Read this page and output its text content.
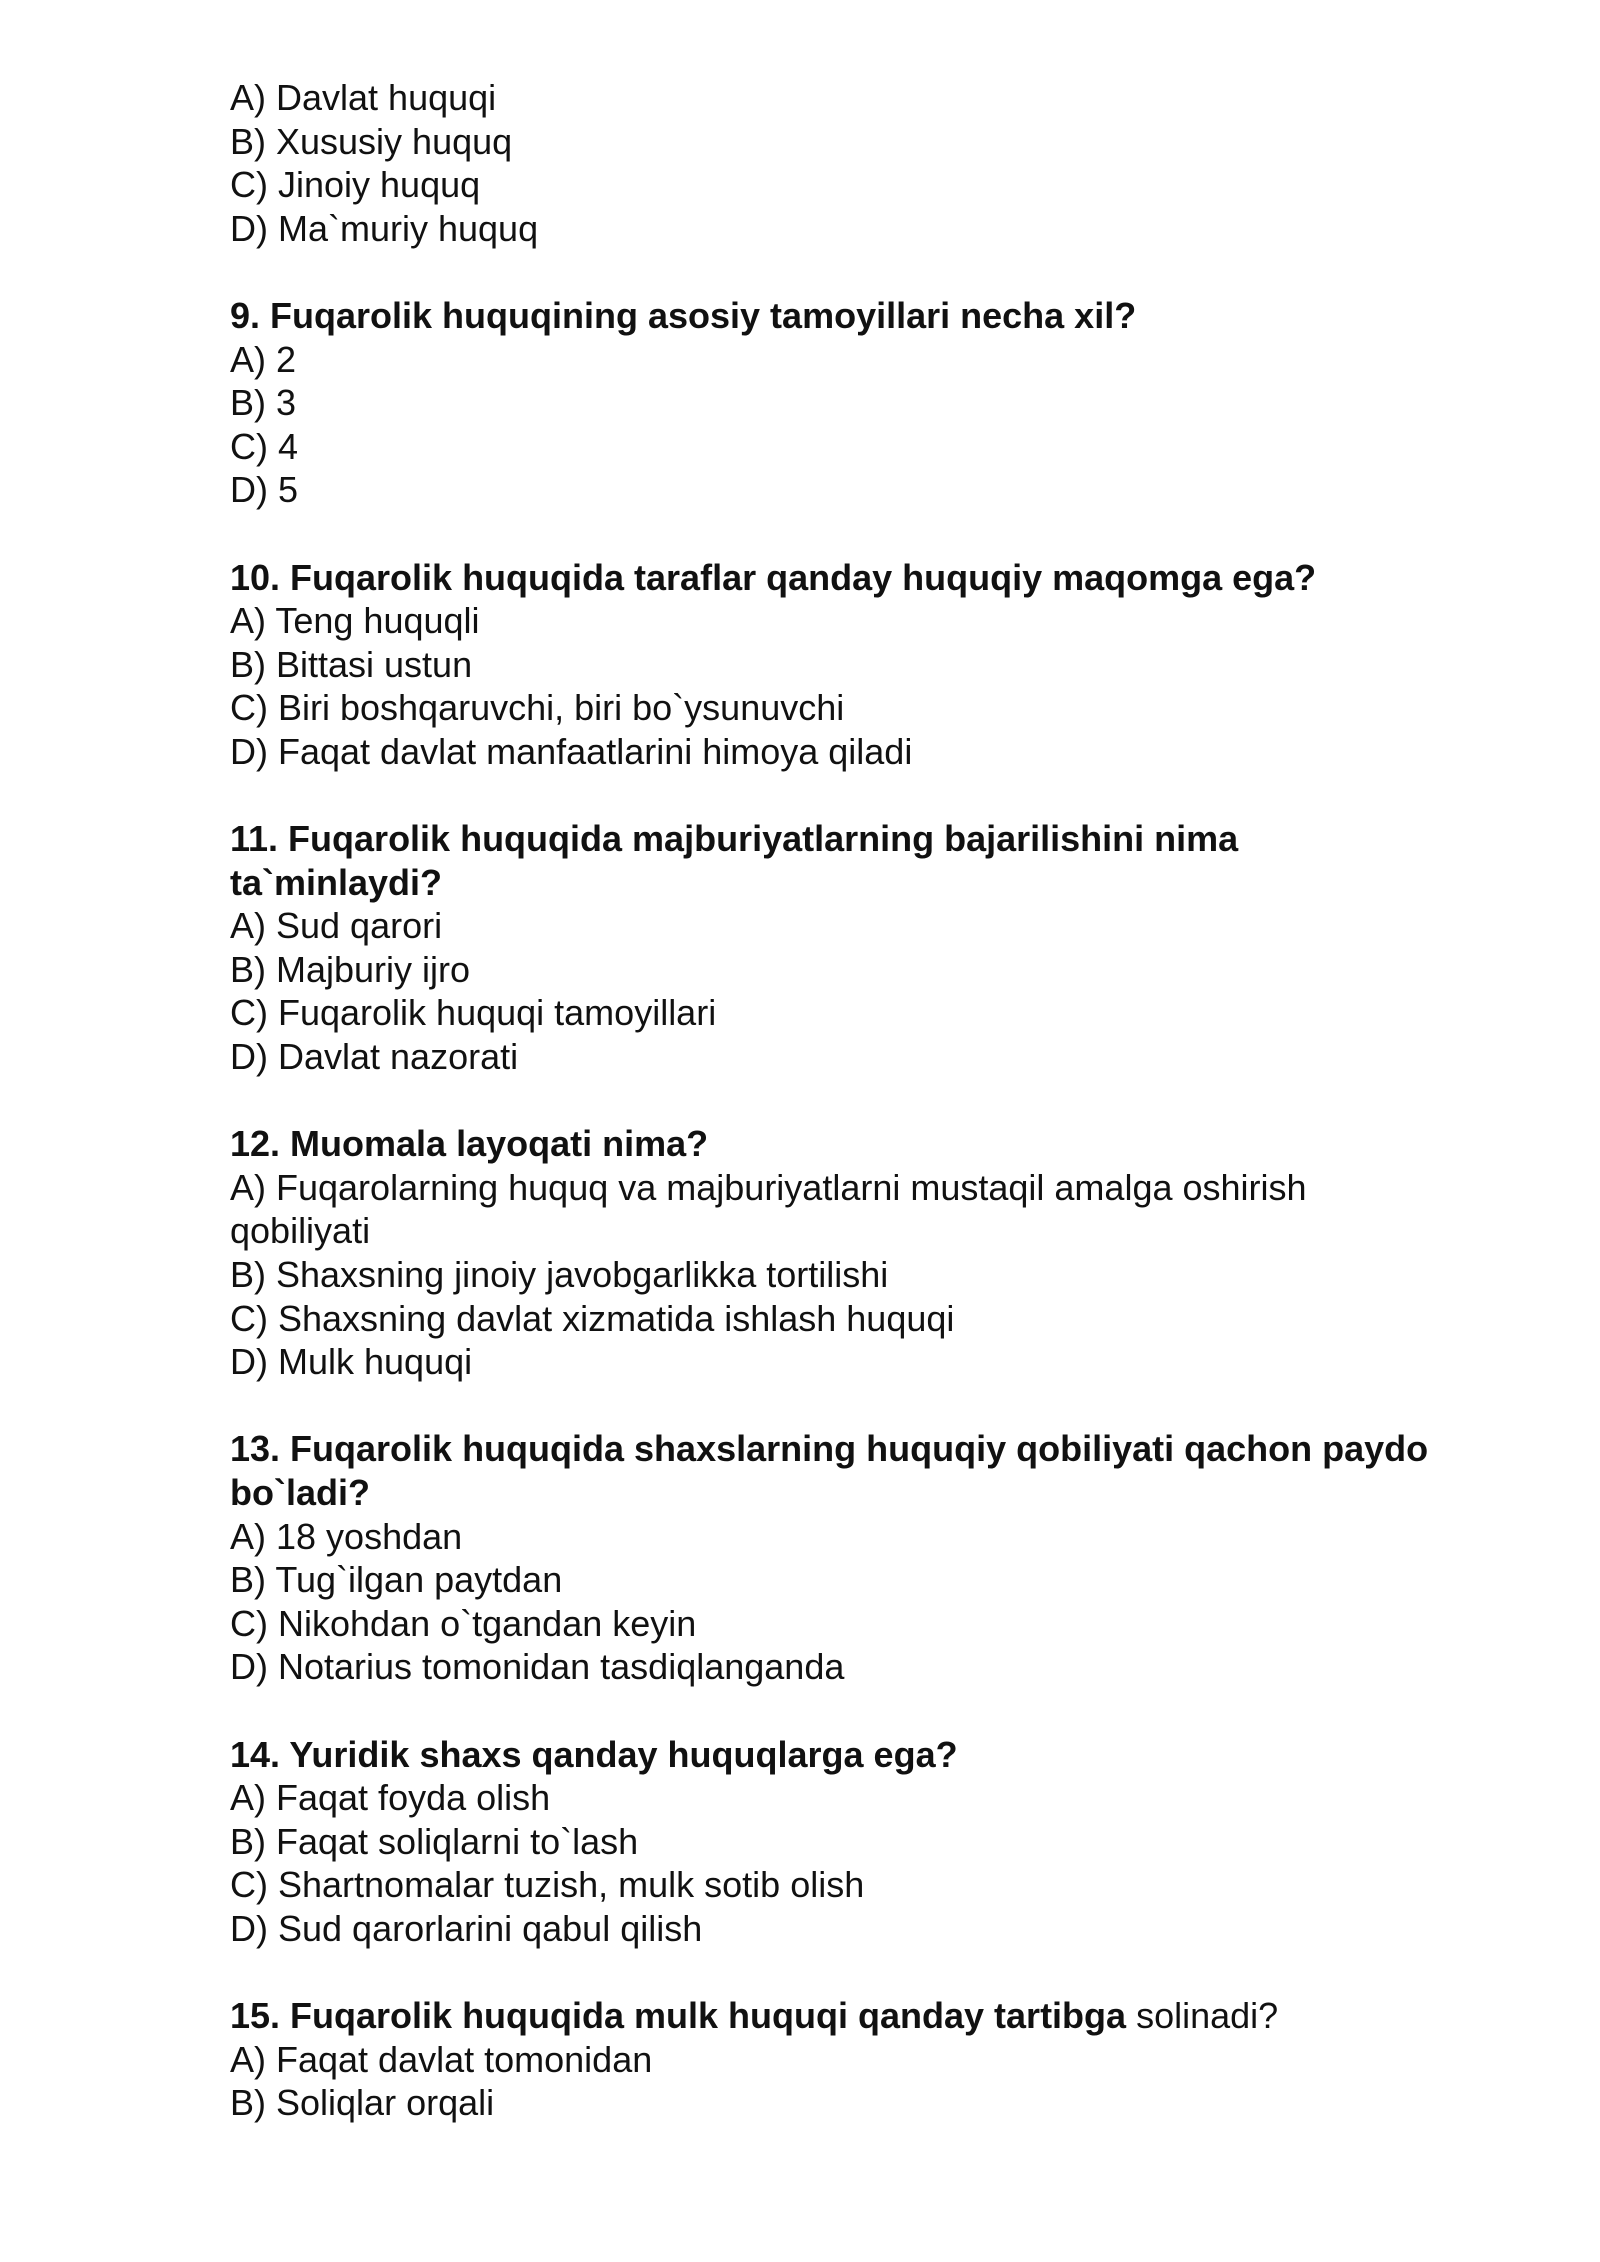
A) Davlat huquqi

B) Xususiy huquq

C) Jinoiy huquq

D) Ma`muriy huquq

9. Fuqarolik huquqining asosiy tamoyillari necha xil?

A) 2

B) 3

C) 4

D) 5

10. Fuqarolik huquqida taraflar qanday huquqiy maqomga ega?

A) Teng huquqli

B) Bittasi ustun

C) Biri boshqaruvchi, biri bo`ysunuvchi

D) Faqat davlat manfaatlarini himoya qiladi

11. Fuqarolik huquqida majburiyatlarning bajarilishini nima

ta`minlaydi?

A) Sud qarori

B) Majburiy ijro

C) Fuqarolik huquqi tamoyillari

D) Davlat nazorati

12. Muomala layoqati nima?

A) Fuqarolarning huquq va majburiyatlarni mustaqil amalga oshirish

qobiliyati

B) Shaxsning jinoiy javobgarlikka tortilishi

C) Shaxsning davlat xizmatida ishlash huquqi

D) Mulk huquqi

13. Fuqarolik huquqida shaxslarning huquqiy qobiliyati qachon paydo

bo`ladi?

A) 18 yoshdan

B) Tug`ilgan paytdan

C) Nikohdan o`tgandan keyin

D) Notarius tomonidan tasdiqlanganda

14. Yuridik shaxs qanday huquqlarga ega?

A) Faqat foyda olish

B) Faqat soliqlarni to`lash

C) Shartnomalar tuzish, mulk sotib olish

D) Sud qarorlarini qabul qilish

15. Fuqarolik huquqida mulk huquqi qanday tartibga solinadi?

A) Faqat davlat tomonidan

B) Soliqlar orqali
